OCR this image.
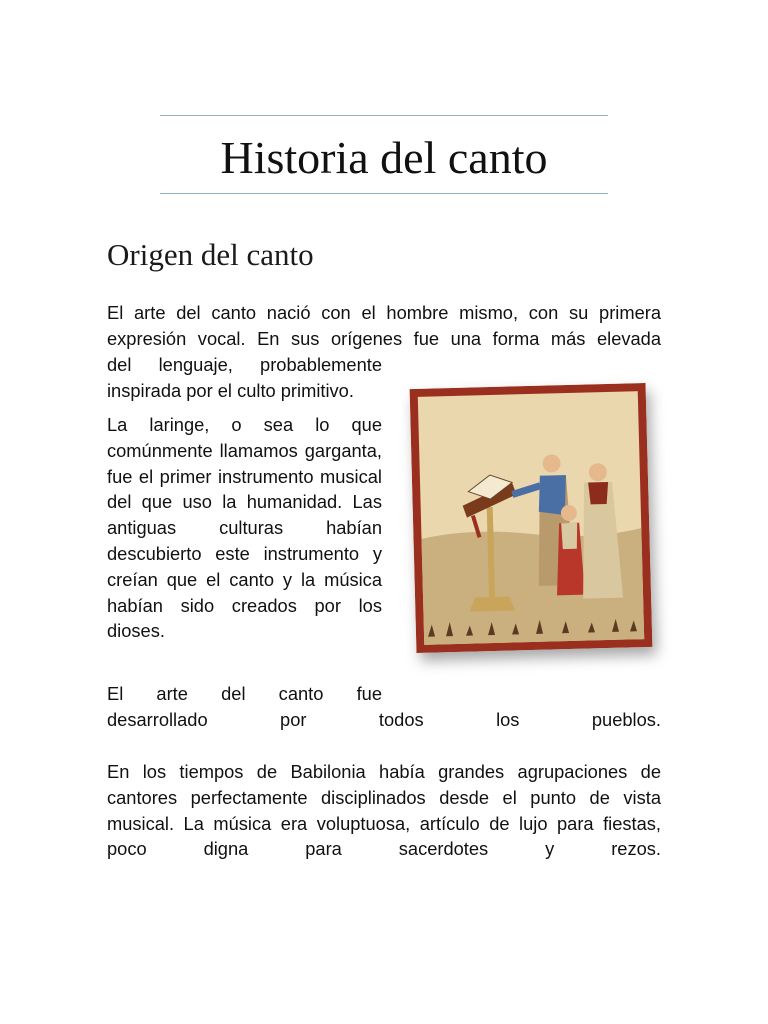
Historia del canto
Origen del canto

El arte del canto nació con el hombre mismo, con su primera expresión vocal. En sus orígenes fue una forma más elevada

del lenguaje, probablemente inspirada por el culto primitivo.

La laringe, o sea lo que comúnmente llamamos garganta, fue el primer instrumento musical del que uso la humanidad. Las antiguas culturas habían descubierto este instrumento y creían que el canto y la música habían sido creados por los dioses.

El arte del canto fue

desarrollado por todos los pueblos.

En los tiempos de Babilonia había grandes agrupaciones de cantores perfectamente disciplinados desde el punto de vista musical. La música era voluptuosa, artículo de lujo para fiestas, poco digna para sacerdotes y rezos.
